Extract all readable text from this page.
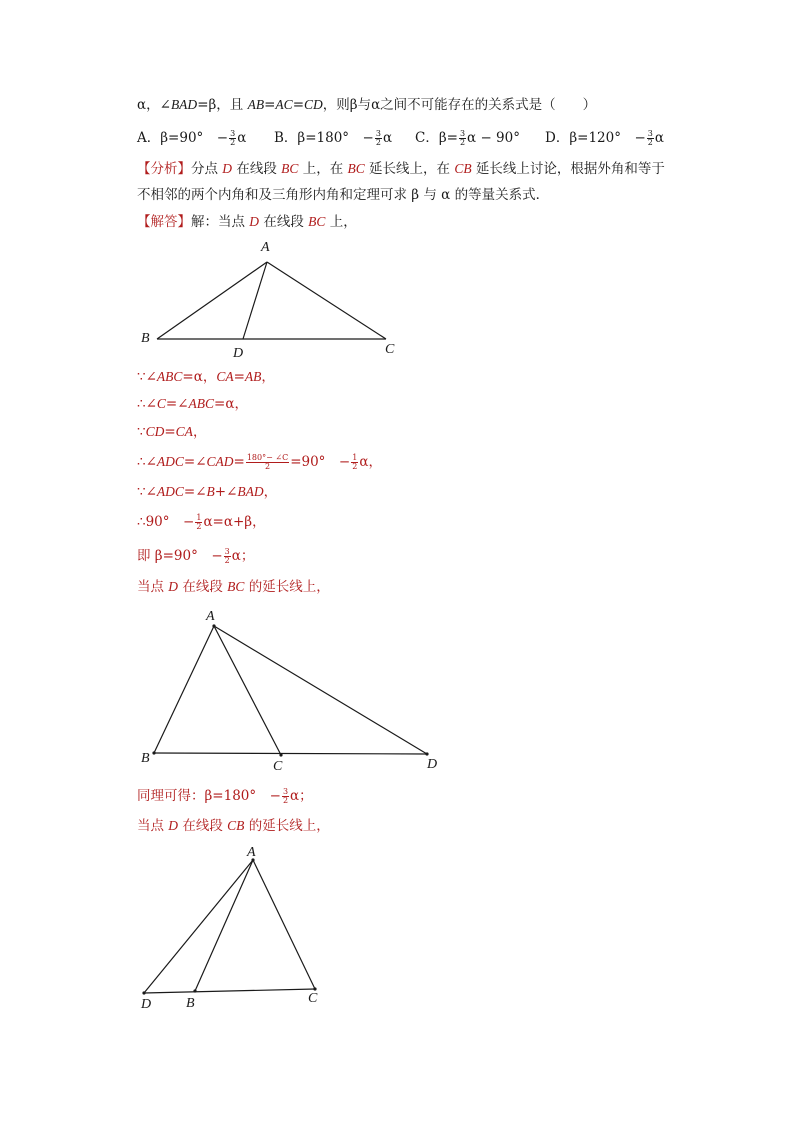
α，∠BAD=β，且 AB=AC=CD，则β与α之间不可能存在的关系式是（　　）
A．β=90°　− $\frac{3}{2}$ α B．β=180°　− $\frac{3}{2}$ α C．$\beta= \frac{3}{2}$ α − 90° D．β=120°　− $\frac{3}{2}$ α
【分析】分点 D 在线段 BC 上，在 BC 延长线上，在 CB 延长线上讨论，根据外角和等于
不相邻的两个内角和及三角形内角和定理可求 β 与 α 的等量关系式．
【解答】解：当点 D 在线段 BC 上，
A
B
D	C
∵∠ABC=α，CA=AB，
∴∠C=∠ABC=α，
∵CD=CA，
∴∠ADC=∠CAD= $\frac{180^\circ- \angle C}{2} =90^\circ$　− $\frac{1}{2}$ α，
∵∠ADC=∠B+∠BAD，
∴90°　− $\frac{1}{2} \alpha=\alpha+\beta$，
即 β=90°　− $\frac{3}{2}$ α；
当点 D 在线段 BC 的延长线上，
A
B
C	D
同理可得：β=180°　− $\frac{3}{2}$ α；
当点 D 在线段 CB 的延长线上，
A
D B	C
